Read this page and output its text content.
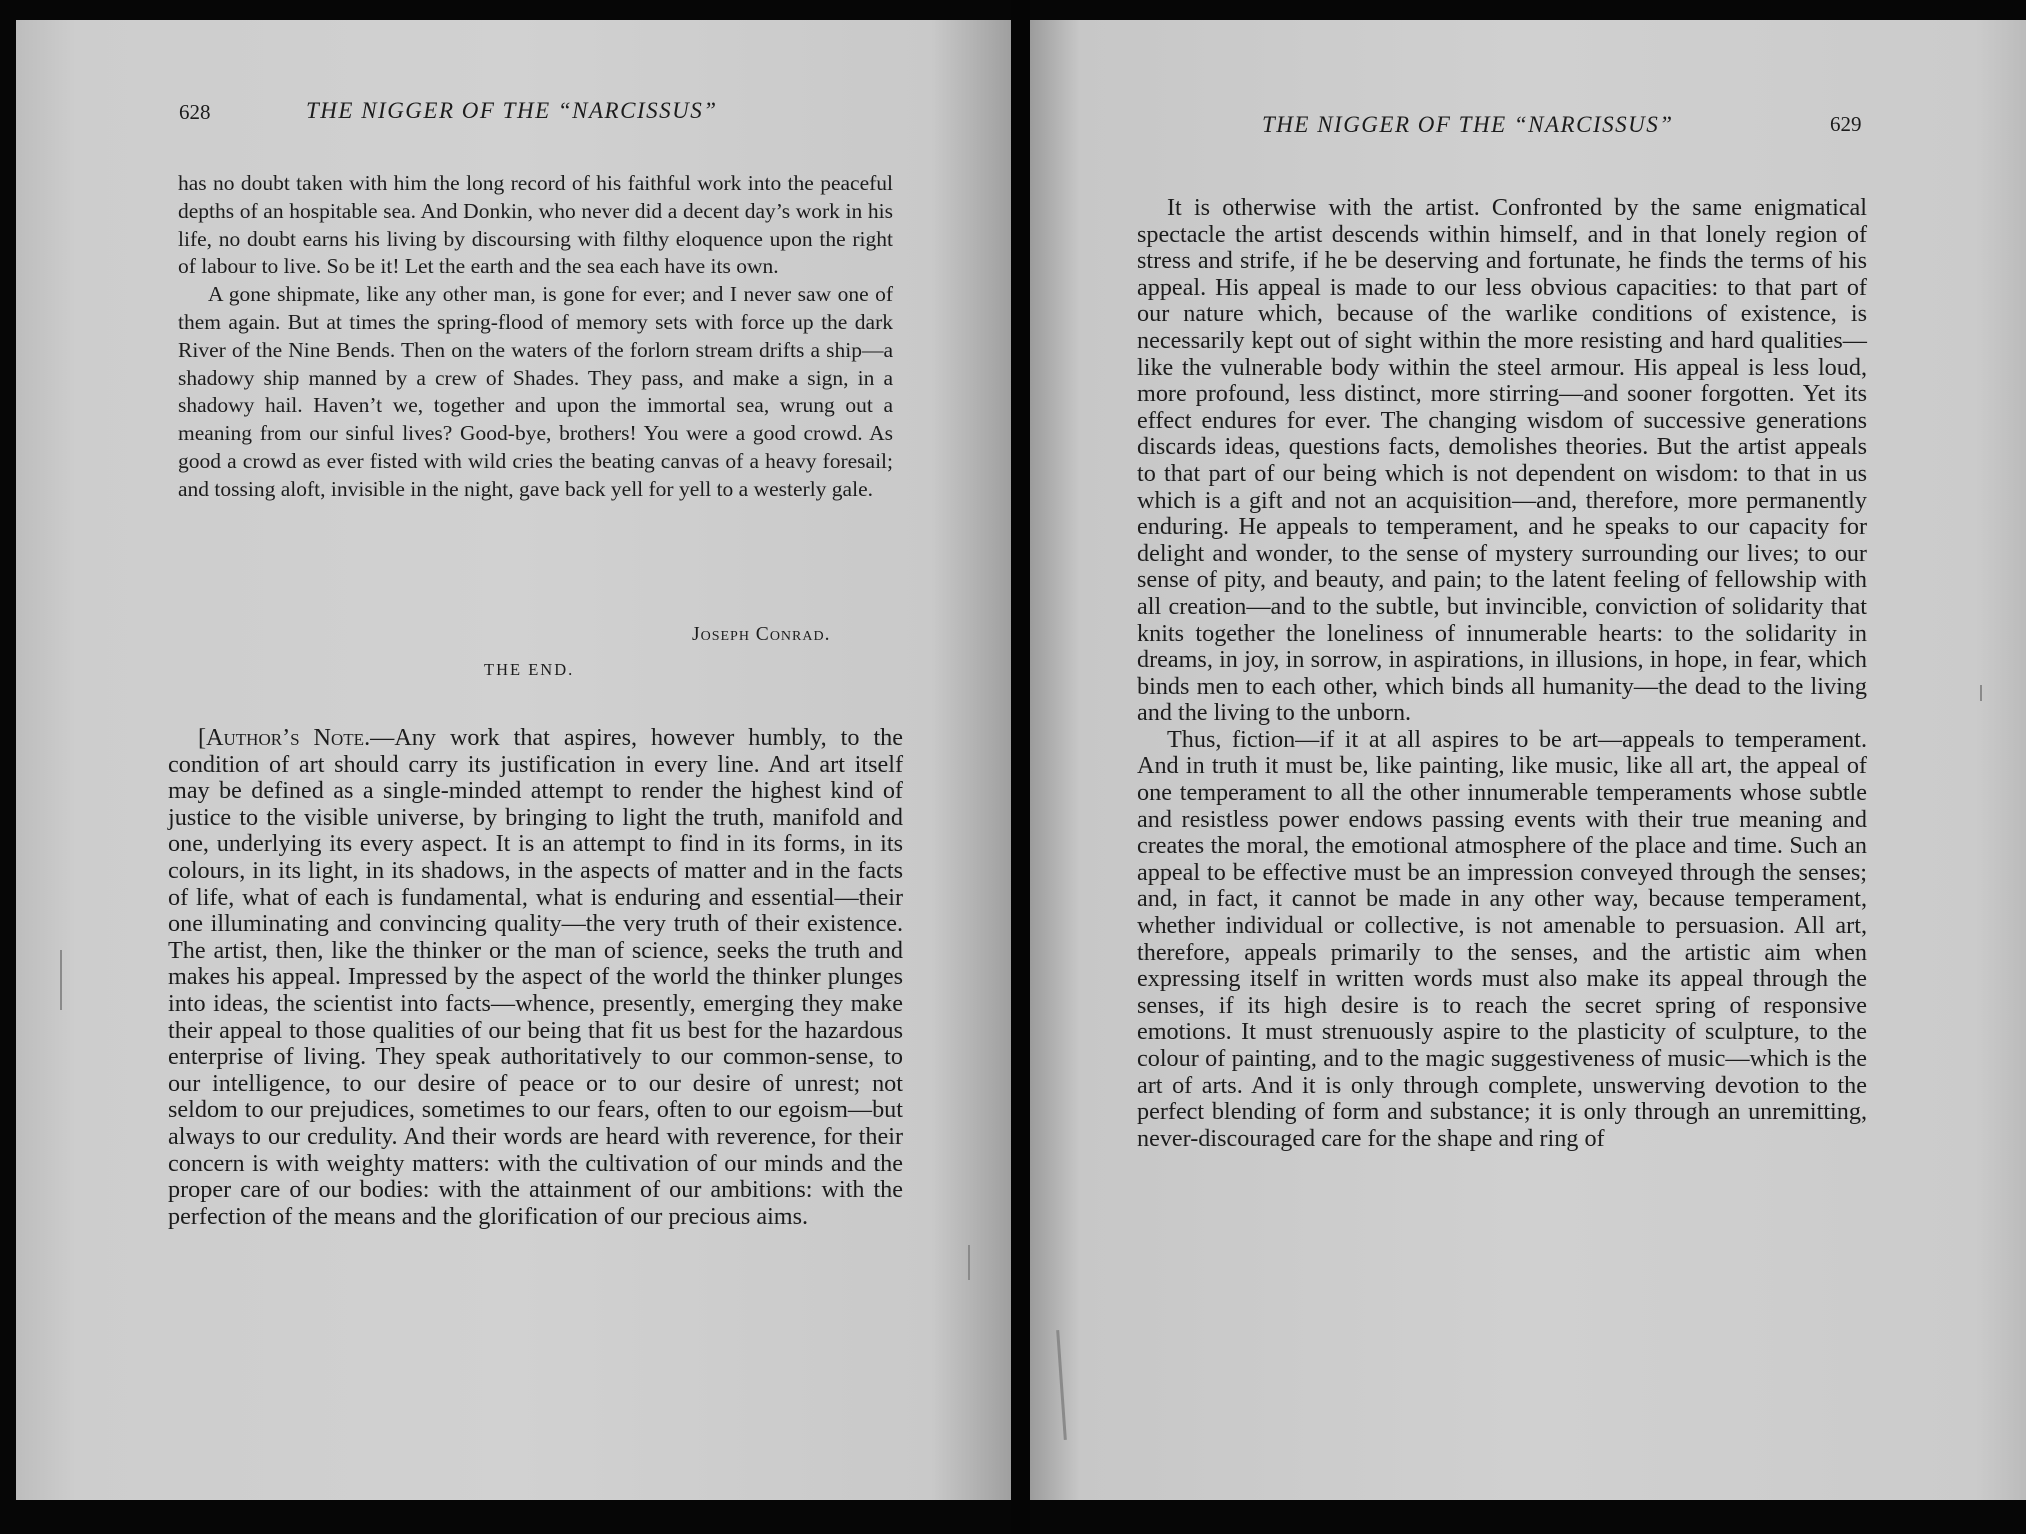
628	THE NIGGER OF THE “NARCISSUS”

has no doubt taken with him the long record of his faithful work into the peaceful depths of an hospitable sea. And Donkin, who never did a decent day’s work in his life, no doubt earns his living by discoursing with filthy eloquence upon the right of labour to live. So be it! Let the earth and the sea each have its own.

A gone shipmate, like any other man, is gone for ever; and I never saw one of them again. But at times the spring-flood of memory sets with force up the dark River of the Nine Bends. Then on the waters of the forlorn stream drifts a ship—a shadowy ship manned by a crew of Shades. They pass, and make a sign, in a shadowy hail. Haven’t we, together and upon the immortal sea, wrung out a meaning from our sinful lives? Good-bye, brothers! You were a good crowd. As good a crowd as ever fisted with wild cries the beating canvas of a heavy foresail; and tossing aloft, invisible in the night, gave back yell for yell to a westerly gale.

Joseph Conrad.
THE END.

[Author’s Note.—Any work that aspires, however humbly, to the condition of art should carry its justification in every line. And art itself may be defined as a single-minded attempt to render the highest kind of justice to the visible universe, by bringing to light the truth, manifold and one, underlying its every aspect. It is an attempt to find in its forms, in its colours, in its light, in its shadows, in the aspects of matter and in the facts of life, what of each is fundamental, what is enduring and essential—their one illuminating and convincing quality—the very truth of their existence. The artist, then, like the thinker or the man of science, seeks the truth and makes his appeal. Impressed by the aspect of the world the thinker plunges into ideas, the scientist into facts—whence, presently, emerging they make their appeal to those qualities of our being that fit us best for the hazardous enterprise of living. They speak authoritatively to our common-sense, to our intelligence, to our desire of peace or to our desire of unrest; not seldom to our prejudices, sometimes to our fears, often to our egoism—but always to our credulity. And their words are heard with reverence, for their concern is with weighty matters: with the cultivation of our minds and the proper care of our bodies: with the attainment of our ambitions: with the perfection of the means and the glorification of our precious aims.

THE NIGGER OF THE “NARCISSUS”	629

It is otherwise with the artist. Confronted by the same enigmatical spectacle the artist descends within himself, and in that lonely region of stress and strife, if he be deserving and fortunate, he finds the terms of his appeal. His appeal is made to our less obvious capacities: to that part of our nature which, because of the warlike conditions of existence, is necessarily kept out of sight within the more resisting and hard qualities—like the vulnerable body within the steel armour. His appeal is less loud, more profound, less distinct, more stirring—and sooner forgotten. Yet its effect endures for ever. The changing wisdom of successive generations discards ideas, questions facts, demolishes theories. But the artist appeals to that part of our being which is not dependent on wisdom: to that in us which is a gift and not an acquisition—and, therefore, more permanently enduring. He appeals to temperament, and he speaks to our capacity for delight and wonder, to the sense of mystery surrounding our lives; to our sense of pity, and beauty, and pain; to the latent feeling of fellowship with all creation—and to the subtle, but invincible, conviction of solidarity that knits together the loneliness of innumerable hearts: to the solidarity in dreams, in joy, in sorrow, in aspirations, in illusions, in hope, in fear, which binds men to each other, which binds all humanity—the dead to the living and the living to the unborn.

Thus, fiction—if it at all aspires to be art—appeals to temperament. And in truth it must be, like painting, like music, like all art, the appeal of one temperament to all the other innumerable temperaments whose subtle and resistless power endows passing events with their true meaning and creates the moral, the emotional atmosphere of the place and time. Such an appeal to be effective must be an impression conveyed through the senses; and, in fact, it cannot be made in any other way, because temperament, whether individual or collective, is not amenable to persuasion. All art, therefore, appeals primarily to the senses, and the artistic aim when expressing itself in written words must also make its appeal through the senses, if its high desire is to reach the secret spring of responsive emotions. It must strenuously aspire to the plasticity of sculpture, to the colour of painting, and to the magic suggestiveness of music—which is the art of arts. And it is only through complete, unswerving devotion to the perfect blending of form and substance; it is only through an unremitting, never-discouraged care for the shape and ring of
